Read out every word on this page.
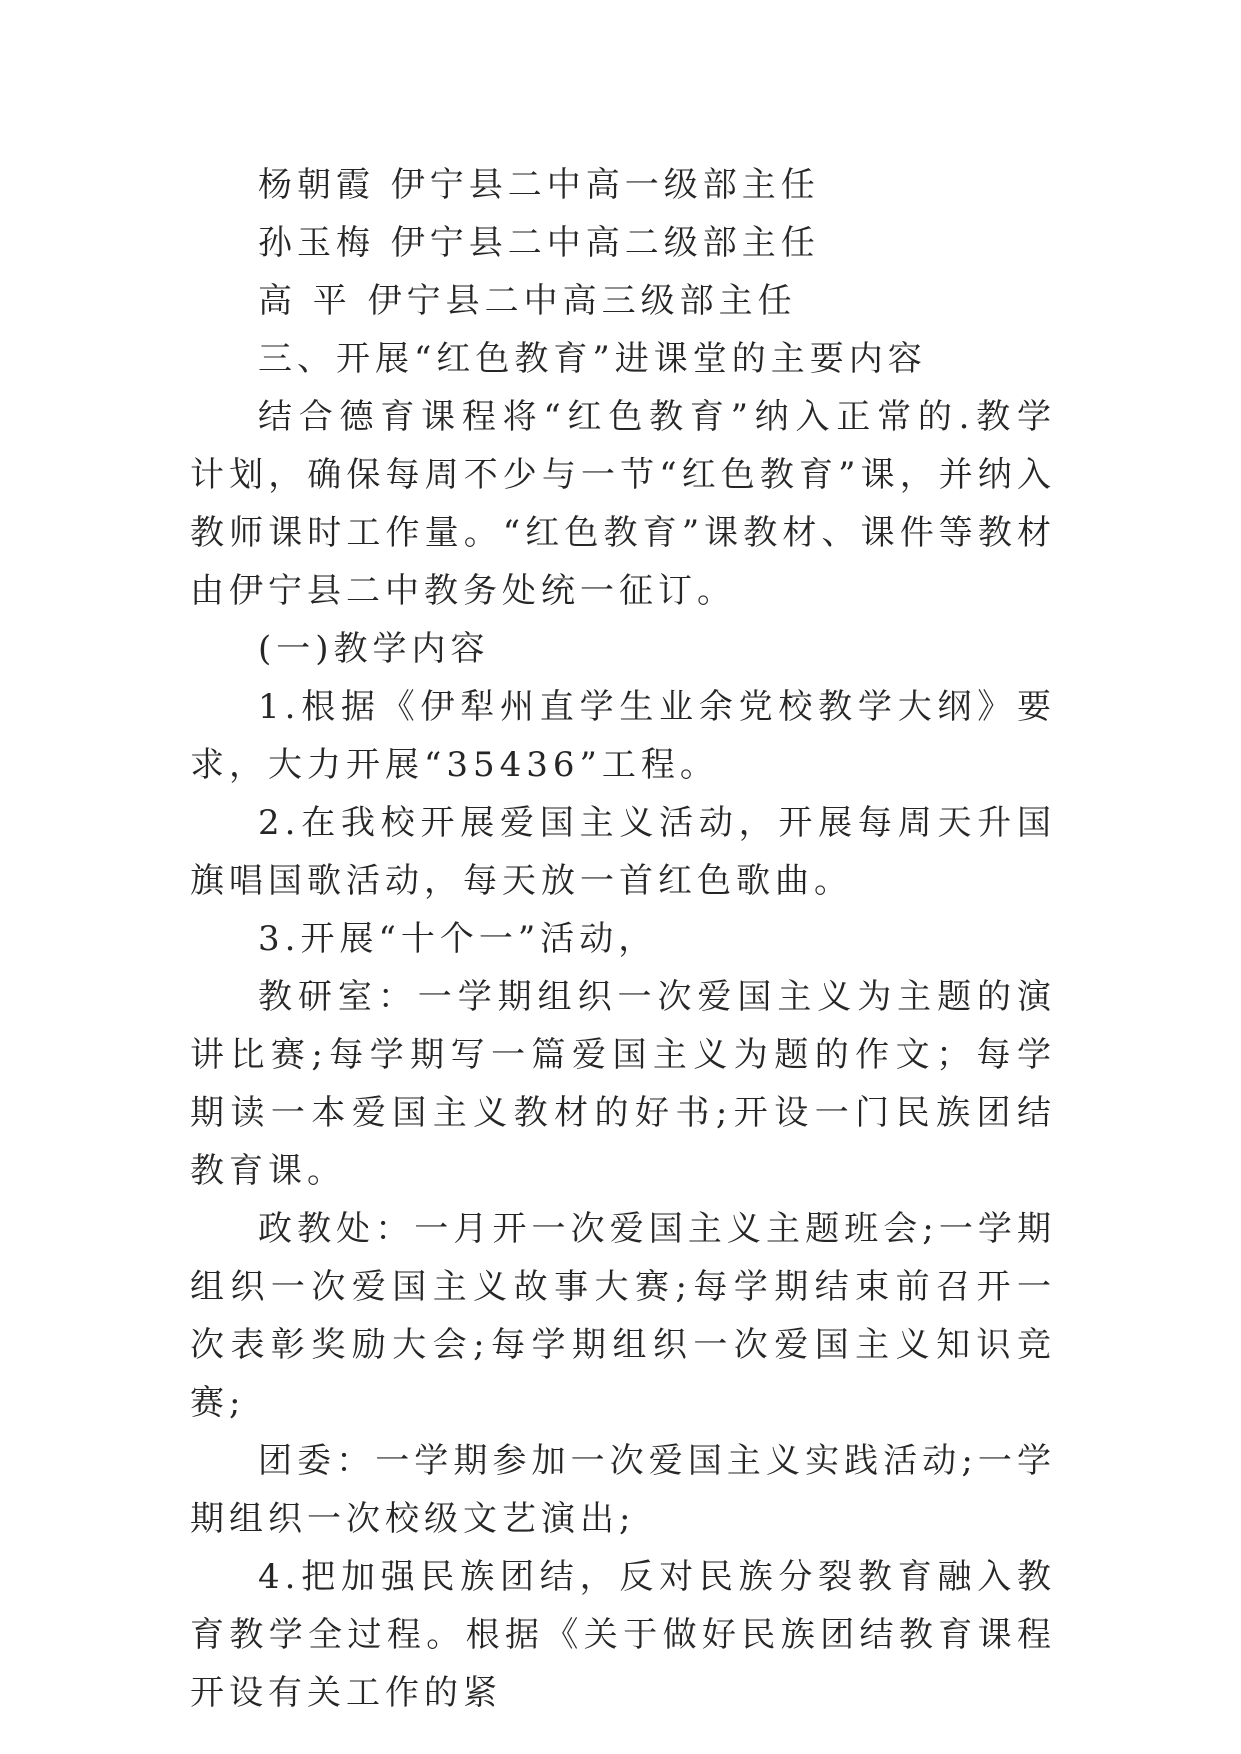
杨朝霞 伊宁县二中高一级部主任

孙玉梅 伊宁县二中高二级部主任

高 平 伊宁县二中高三级部主任

三、开展“红色教育”进课堂的主要内容

结合德育课程将“红色教育”纳入正常的.教学计划，确保每周不少与一节“红色教育”课，并纳入教师课时工作量。“红色教育”课教材、课件等教材由伊宁县二中教务处统一征订。

(一)教学内容

1.根据《伊犁州直学生业余党校教学大纲》要求，大力开展“35436”工程。

2.在我校开展爱国主义活动，开展每周天升国旗唱国歌活动，每天放一首红色歌曲。

3.开展“十个一”活动，

教研室：一学期组织一次爱国主义为主题的演讲比赛;每学期写一篇爱国主义为题的作文；每学期读一本爱国主义教材的好书;开设一门民族团结教育课。

政教处：一月开一次爱国主义主题班会;一学期组织一次爱国主义故事大赛;每学期结束前召开一次表彰奖励大会;每学期组织一次爱国主义知识竞赛;

团委：一学期参加一次爱国主义实践活动;一学期组织一次校级文艺演出;

4.把加强民族团结，反对民族分裂教育融入教育教学全过程。根据《关于做好民族团结教育课程开设有关工作的紧
